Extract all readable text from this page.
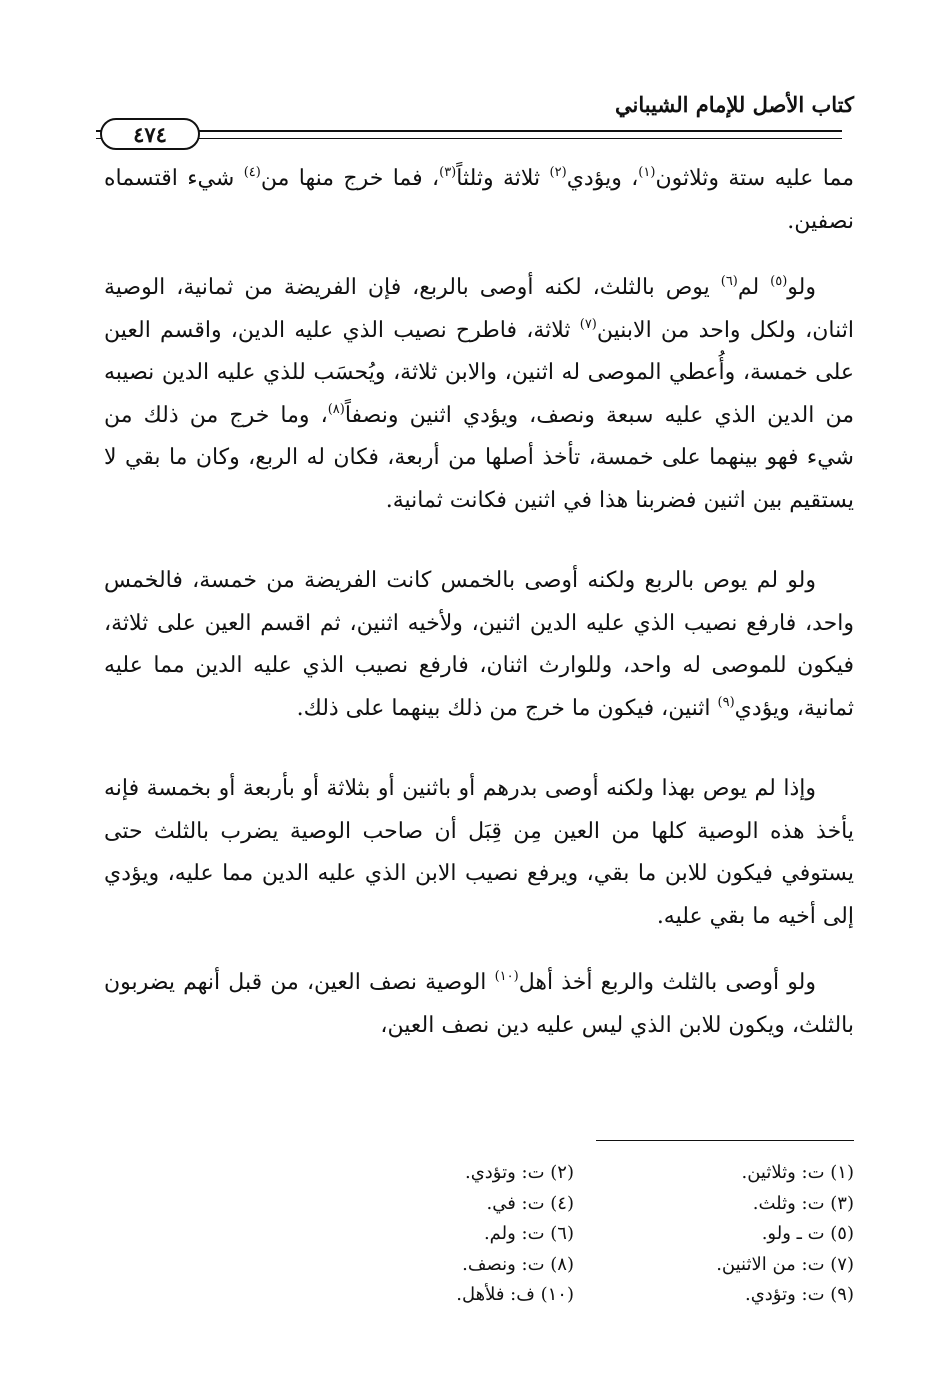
كتاب الأصل للإمام الشيباني
٤٧٤

مما عليه ستة وثلاثون$^{(١)}$، ويؤدي$^{(٢)}$ ثلاثة وثلثاً$^{(٣)}$، فما خرج منها من$^{(٤)}$ شيء اقتسماه نصفين.

ولو$^{(٥)}$ لم$^{(٦)}$ يوص بالثلث، لكنه أوصى بالربع، فإن الفريضة من ثمانية، الوصية اثنان، ولكل واحد من الابنين$^{(٧)}$ ثلاثة، فاطرح نصيب الذي عليه الدين، واقسم العين على خمسة، وأُعطي الموصى له اثنين، والابن ثلاثة، ويُحسَب للذي عليه الدين نصيبه من الدين الذي عليه سبعة ونصف، ويؤدي اثنين ونصفاً$^{(٨)}$، وما خرج من ذلك من شيء فهو بينهما على خمسة، تأخذ أصلها من أربعة، فكان له الربع، وكان ما بقي لا يستقيم بين اثنين فضربنا هذا في اثنين فكانت ثمانية.

ولو لم يوص بالربع ولكنه أوصى بالخمس كانت الفريضة من خمسة، فالخمس واحد، فارفع نصيب الذي عليه الدين اثنين، ولأخيه اثنين، ثم اقسم العين على ثلاثة، فيكون للموصى له واحد، وللوارث اثنان، فارفع نصيب الذي عليه الدين مما عليه ثمانية، ويؤدي$^{(٩)}$ اثنين، فيكون ما خرج من ذلك بينهما على ذلك.

وإذا لم يوص بهذا ولكنه أوصى بدرهم أو باثنين أو بثلاثة أو بأربعة أو بخمسة فإنه يأخذ هذه الوصية كلها من العين مِن قِبَل أن صاحب الوصية يضرب بالثلث حتى يستوفي فيكون للابن ما بقي، ويرفع نصيب الابن الذي عليه الدين مما عليه، ويؤدي إلى أخيه ما بقي عليه.

ولو أوصى بالثلث والربع أخذ أهل$^{(١٠)}$ الوصية نصف العين، من قبل أنهم يضربون بالثلث، ويكون للابن الذي ليس عليه دين نصف العين،

(١) ت: وثلاثين.
(٢) ت: وتؤدي.
(٣) ت: وثلث.
(٤) ت: في.
(٥) ت ـ ولو.
(٦) ت: ولم.
(٧) ت: من الاثنين.
(٨) ت: ونصف.
(٩) ت: وتؤدي.
(١٠) ف: فلأهل.
